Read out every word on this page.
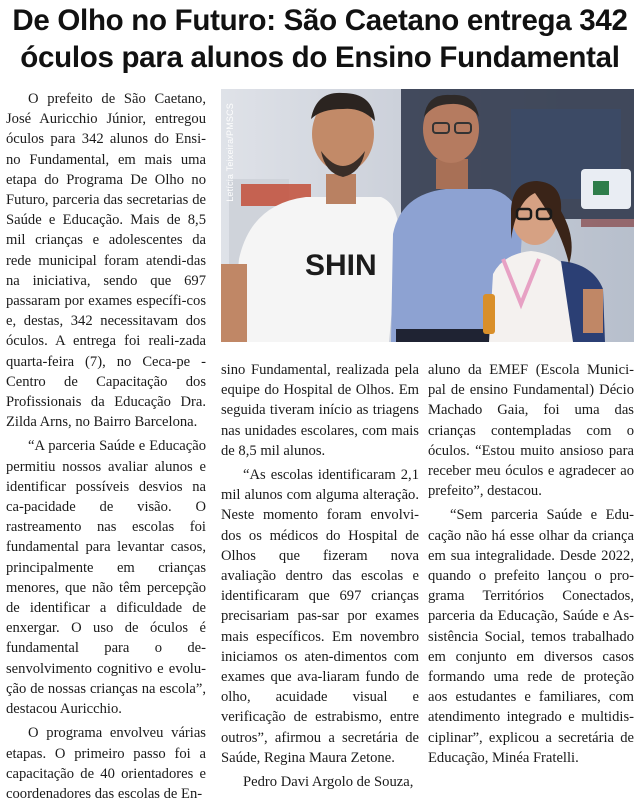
De Olho no Futuro: São Caetano entrega 342
óculos para alunos do Ensino Fundamental

O prefeito de São Caetano, José Auricchio Júnior, entregou óculos para 342 alunos do Ensi-no Fundamental, em mais uma etapa do Programa De Olho no Futuro, parceria das secretarias de Saúde e Educação. Mais de 8,5 mil crianças e adolescentes da rede municipal foram atendi-das na iniciativa, sendo que 697 passaram por exames específi-cos e, destas, 342 necessitavam dos óculos. A entrega foi reali-zada quarta-feira (7), no Ceca-pe - Centro de Capacitação dos Profissionais da Educação Dra. Zilda Arns, no Bairro Barcelona.

“A parceria Saúde e Educação permitiu nossos avaliar alunos e identificar possíveis desvios na ca-pacidade de visão. O rastreamento nas escolas foi fundamental para levantar casos, principalmente em crianças menores, que não têm percepção de identificar a dificuldade de enxergar. O uso de óculos é fundamental para o de-senvolvimento cognitivo e evolu-ção de nossas crianças na escola”, destacou Auricchio.

O programa envolveu várias etapas. O primeiro passo foi a capacitação de 40 orientadores e coordenadores das escolas de En-

SHIN
Letícia Teixeira/PMSCS

sino Fundamental, realizada pela equipe do Hospital de Olhos. Em seguida tiveram início as triagens nas unidades escolares, com mais de 8,5 mil alunos.

“As escolas identificaram 2,1 mil alunos com alguma alteração. Neste momento foram envolvi-dos os médicos do Hospital de Olhos que fizeram nova avaliação dentro das escolas e identificaram que 697 crianças precisariam pas-sar por exames mais específicos. Em novembro iniciamos os aten-dimentos com exames que ava-liaram fundo de olho, acuidade visual e verificação de estrabismo, entre outros”, afirmou a secretária de Saúde, Regina Maura Zetone.

Pedro Davi Argolo de Souza,

aluno da EMEF (Escola Munici-pal de ensino Fundamental) Décio Machado Gaia, foi uma das crianças contempladas com o óculos. “Estou muito ansioso para receber meu óculos e agradecer ao prefeito”, destacou.

“Sem parceria Saúde e Edu-cação não há esse olhar da criança em sua integralidade. Desde 2022, quando o prefeito lançou o pro-grama Territórios Conectados, parceria da Educação, Saúde e As-sistência Social, temos trabalhado em conjunto em diversos casos formando uma rede de proteção aos estudantes e familiares, com atendimento integrado e multidis-ciplinar”, explicou a secretária de Educação, Minéa Fratelli.
